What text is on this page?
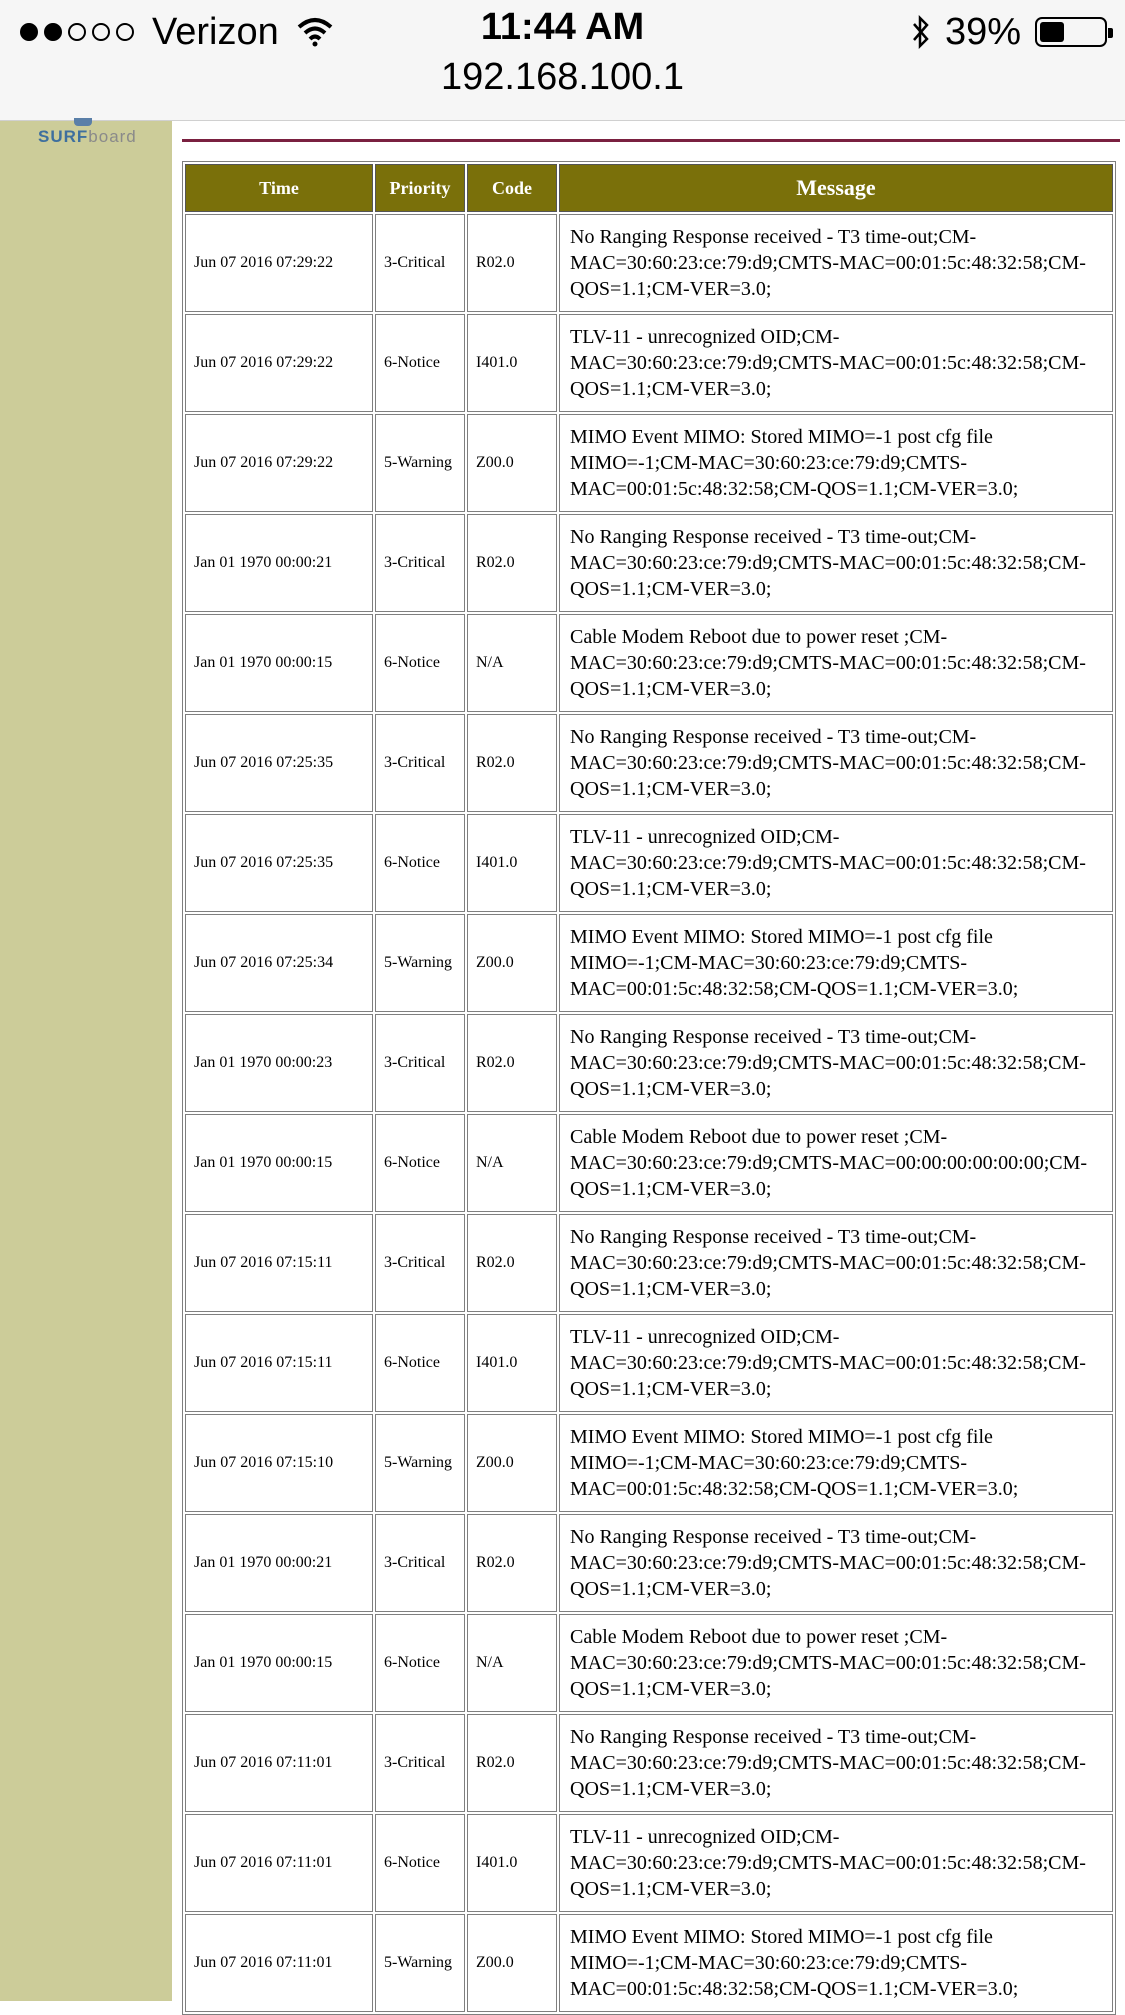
Verizon	11:44 AM	39%
192.168.100.1
SURFboard
Time	Priority	Code	Message
Jun 07 2016 07:29:22	3-Critical	R02.0	No Ranging Response received - T3 time-out;CM-MAC=30:60:23:ce:79:d9;CMTS-MAC=00:01:5c:48:32:58;CM-QOS=1.1;CM-VER=3.0;
Jun 07 2016 07:29:22	6-Notice	I401.0	TLV-11 - unrecognized OID;CM-MAC=30:60:23:ce:79:d9;CMTS-MAC=00:01:5c:48:32:58;CM-QOS=1.1;CM-VER=3.0;
Jun 07 2016 07:29:22	5-Warning	Z00.0	MIMO Event MIMO: Stored MIMO=-1 post cfg file MIMO=-1;CM-MAC=30:60:23:ce:79:d9;CMTS-MAC=00:01:5c:48:32:58;CM-QOS=1.1;CM-VER=3.0;
Jan 01 1970 00:00:21	3-Critical	R02.0	No Ranging Response received - T3 time-out;CM-MAC=30:60:23:ce:79:d9;CMTS-MAC=00:01:5c:48:32:58;CM-QOS=1.1;CM-VER=3.0;
Jan 01 1970 00:00:15	6-Notice	N/A	Cable Modem Reboot due to power reset ;CM-MAC=30:60:23:ce:79:d9;CMTS-MAC=00:01:5c:48:32:58;CM-QOS=1.1;CM-VER=3.0;
Jun 07 2016 07:25:35	3-Critical	R02.0	No Ranging Response received - T3 time-out;CM-MAC=30:60:23:ce:79:d9;CMTS-MAC=00:01:5c:48:32:58;CM-QOS=1.1;CM-VER=3.0;
Jun 07 2016 07:25:35	6-Notice	I401.0	TLV-11 - unrecognized OID;CM-MAC=30:60:23:ce:79:d9;CMTS-MAC=00:01:5c:48:32:58;CM-QOS=1.1;CM-VER=3.0;
Jun 07 2016 07:25:34	5-Warning	Z00.0	MIMO Event MIMO: Stored MIMO=-1 post cfg file MIMO=-1;CM-MAC=30:60:23:ce:79:d9;CMTS-MAC=00:01:5c:48:32:58;CM-QOS=1.1;CM-VER=3.0;
Jan 01 1970 00:00:23	3-Critical	R02.0	No Ranging Response received - T3 time-out;CM-MAC=30:60:23:ce:79:d9;CMTS-MAC=00:01:5c:48:32:58;CM-QOS=1.1;CM-VER=3.0;
Jan 01 1970 00:00:15	6-Notice	N/A	Cable Modem Reboot due to power reset ;CM-MAC=30:60:23:ce:79:d9;CMTS-MAC=00:00:00:00:00:00;CM-QOS=1.1;CM-VER=3.0;
Jun 07 2016 07:15:11	3-Critical	R02.0	No Ranging Response received - T3 time-out;CM-MAC=30:60:23:ce:79:d9;CMTS-MAC=00:01:5c:48:32:58;CM-QOS=1.1;CM-VER=3.0;
Jun 07 2016 07:15:11	6-Notice	I401.0	TLV-11 - unrecognized OID;CM-MAC=30:60:23:ce:79:d9;CMTS-MAC=00:01:5c:48:32:58;CM-QOS=1.1;CM-VER=3.0;
Jun 07 2016 07:15:10	5-Warning	Z00.0	MIMO Event MIMO: Stored MIMO=-1 post cfg file MIMO=-1;CM-MAC=30:60:23:ce:79:d9;CMTS-MAC=00:01:5c:48:32:58;CM-QOS=1.1;CM-VER=3.0;
Jan 01 1970 00:00:21	3-Critical	R02.0	No Ranging Response received - T3 time-out;CM-MAC=30:60:23:ce:79:d9;CMTS-MAC=00:01:5c:48:32:58;CM-QOS=1.1;CM-VER=3.0;
Jan 01 1970 00:00:15	6-Notice	N/A	Cable Modem Reboot due to power reset ;CM-MAC=30:60:23:ce:79:d9;CMTS-MAC=00:01:5c:48:32:58;CM-QOS=1.1;CM-VER=3.0;
Jun 07 2016 07:11:01	3-Critical	R02.0	No Ranging Response received - T3 time-out;CM-MAC=30:60:23:ce:79:d9;CMTS-MAC=00:01:5c:48:32:58;CM-QOS=1.1;CM-VER=3.0;
Jun 07 2016 07:11:01	6-Notice	I401.0	TLV-11 - unrecognized OID;CM-MAC=30:60:23:ce:79:d9;CMTS-MAC=00:01:5c:48:32:58;CM-QOS=1.1;CM-VER=3.0;
Jun 07 2016 07:11:01	5-Warning	Z00.0	MIMO Event MIMO: Stored MIMO=-1 post cfg file MIMO=-1;CM-MAC=30:60:23:ce:79:d9;CMTS-MAC=00:01:5c:48:32:58;CM-QOS=1.1;CM-VER=3.0;
